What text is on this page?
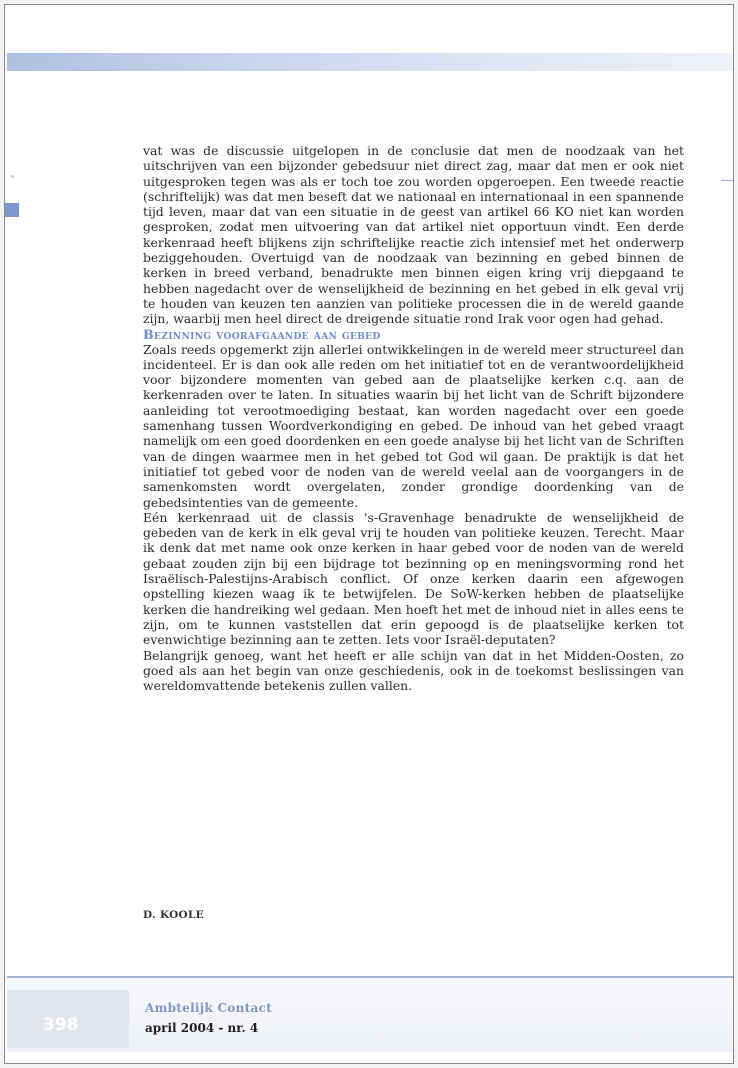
vat was de discussie uitgelopen in de conclusie dat men de noodzaak van het uitschrijven van een bijzonder gebedsuur niet direct zag, maar dat men er ook niet uitgesproken tegen was als er toch toe zou worden opgeroepen. Een tweede reactie (schriftelijk) was dat men beseft dat we nationaal en internationaal in een spannende tijd leven, maar dat van een situatie in de geest van artikel 66 KO niet kan worden gesproken, zodat men uitvoering van dat artikel niet opportuun vindt. Een derde kerkenraad heeft blijkens zijn schriftelijke reactie zich intensief met het onderwerp beziggehouden. Overtuigd van de noodzaak van bezinning en gebed binnen de kerken in breed verband, benadrukte men binnen eigen kring vrij diepgaand te hebben nagedacht over de wenselijkheid de bezinning en het gebed in elk geval vrij te houden van keuzen ten aanzien van politieke processen die in de wereld gaande zijn, waarbij men heel direct de dreigende situatie rond Irak voor ogen had gehad.

Bezinning voorafgaande aan gebed

Zoals reeds opgemerkt zijn allerlei ontwikkelingen in de wereld meer structureel dan incidenteel. Er is dan ook alle reden om het initiatief tot en de verantwoordelijkheid voor bijzondere momenten van gebed aan de plaatselijke kerken c.q. aan de kerkenraden over te laten. In situaties waarin bij het licht van de Schrift bijzondere aanleiding tot verootmoediging bestaat, kan worden nagedacht over een goede samenhang tussen Woordverkondiging en gebed. De inhoud van het gebed vraagt namelijk om een goed doordenken en een goede analyse bij het licht van de Schriften van de dingen waarmee men in het gebed tot God wil gaan. De praktijk is dat het initiatief tot gebed voor de noden van de wereld veelal aan de voorgangers in de samenkomsten wordt overgelaten, zonder grondige doordenking van de gebedsintenties van de gemeente.

Eén kerkenraad uit de classis 's-Gravenhage benadrukte de wenselijkheid de gebeden van de kerk in elk geval vrij te houden van politieke keuzen. Terecht. Maar ik denk dat met name ook onze kerken in haar gebed voor de noden van de wereld gebaat zouden zijn bij een bijdrage tot bezinning op en meningsvorming rond het Israëlisch-Palestijns-Arabisch conflict. Of onze kerken daarin een afgewogen opstelling kiezen waag ik te betwijfelen. De SoW-kerken hebben de plaatselijke kerken die handreiking wel gedaan. Men hoeft het met de inhoud niet in alles eens te zijn, om te kunnen vaststellen dat erin gepoogd is de plaatselijke kerken tot evenwichtige bezinning aan te zetten. Iets voor Israël-deputaten?

Belangrijk genoeg, want het heeft er alle schijn van dat in het Midden-Oosten, zo goed als aan het begin van onze geschiedenis, ook in de toekomst beslissingen van wereldomvattende betekenis zullen vallen.

D. KOOLE
398
Ambtelijk Contact
april 2004 - nr. 4
